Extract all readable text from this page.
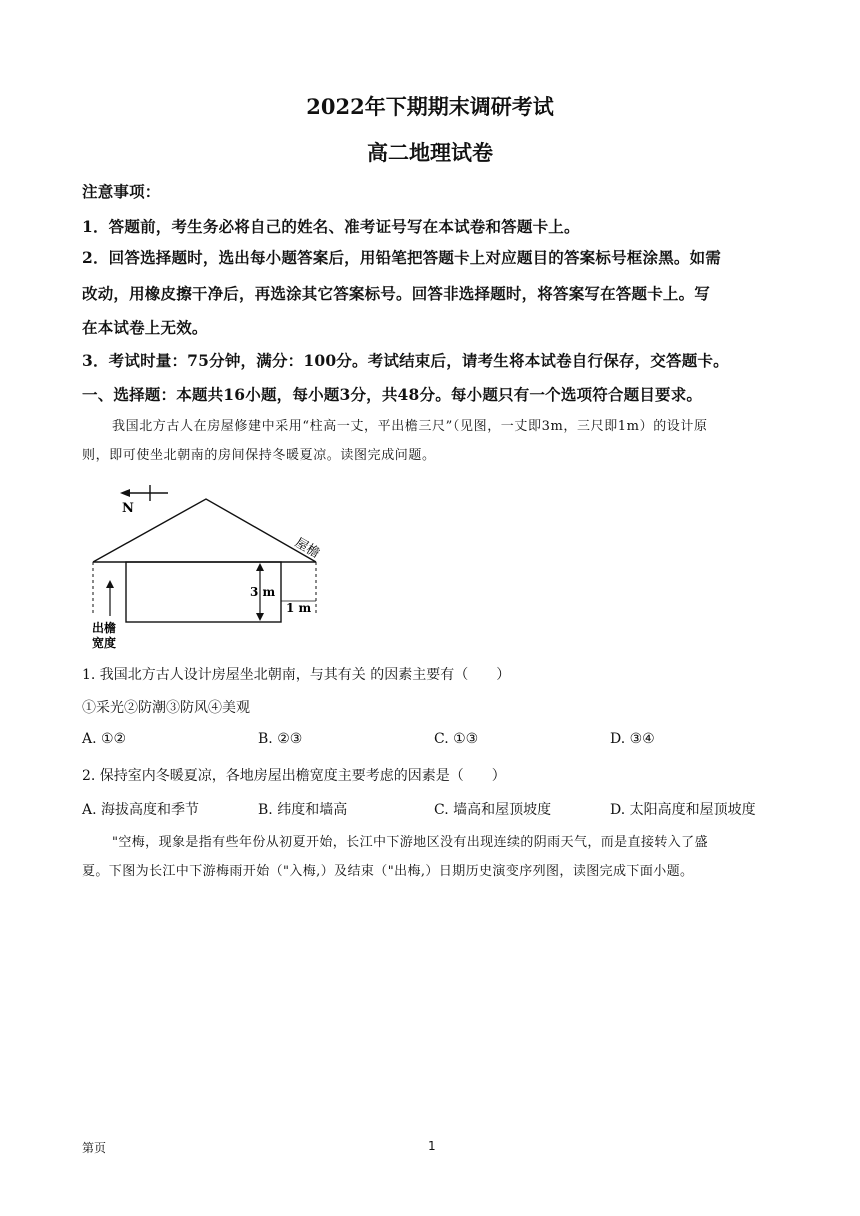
2022年下期期末调研考试
高二地理试卷
注意事项：
1．答题前，考生务必将自己的姓名、准考证号写在本试卷和答题卡上。
2．回答选择题时，选出每小题答案后，用铅笔把答题卡上对应题目的答案标号框涂黑。如需
改动，用橡皮擦干净后，再选涂其它答案标号。回答非选择题时，将答案写在答题卡上。写
在本试卷上无效。
3．考试时量：75分钟，满分：100分。考试结束后，请考生将本试卷自行保存，交答题卡。
一、选择题：本题共16小题，每小题3分，共48分。每小题只有一个选项符合题目要求。
我国北方古人在房屋修建中采用“柱高一丈，平出檐三尺”（见图，一丈即3m，三尺即1m）的设计原
则，即可使坐北朝南的房间保持冬暖夏凉。读图完成问题。
N
屋檐
3 m
1 m
出檐
宽度
1. 我国北方古人设计房屋坐北朝南，与其有关 的因素主要有（　　）
①采光②防潮③防风④美观
A. ①②	B. ②③	C. ①③	D. ③④
2. 保持室内冬暖夏凉，各地房屋出檐宽度主要考虑的因素是（　　）
A. 海拔高度和季节	B. 纬度和墙高	C. 墙高和屋顶坡度	D. 太阳高度和屋顶坡度
"空梅，现象是指有些年份从初夏开始，长江中下游地区没有出现连续的阴雨天气，而是直接转入了盛
夏。下图为长江中下游梅雨开始（"入梅,）及结束（"出梅,）日期历史演变序列图，读图完成下面小题。
第页	1
